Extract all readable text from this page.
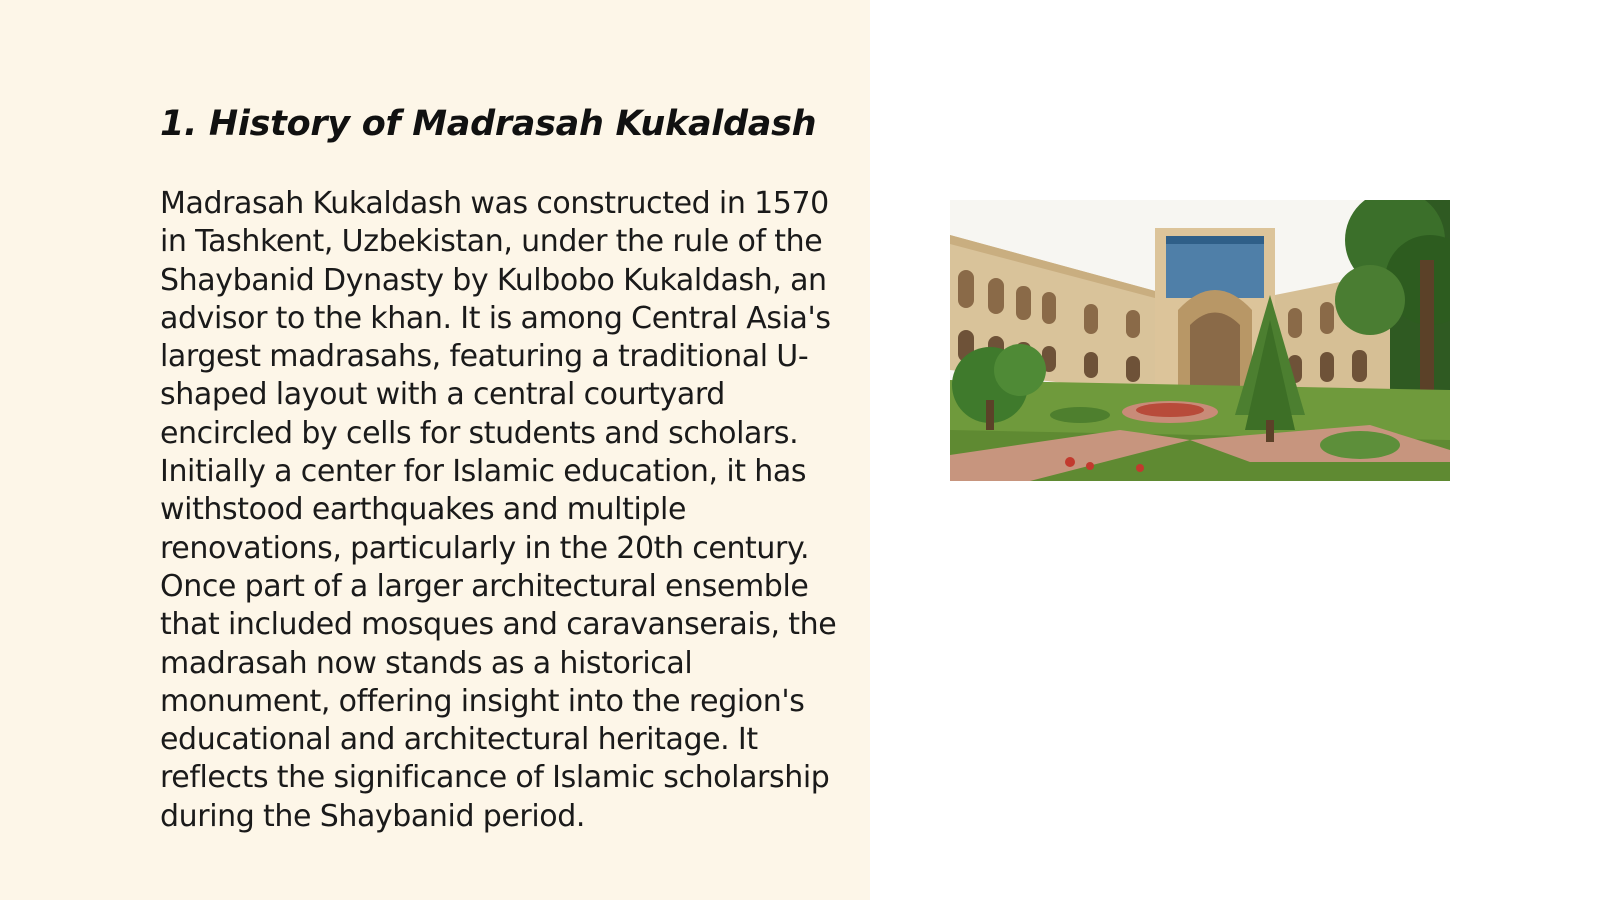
1. History of Madrasah Kukaldash

Madrasah Kukaldash was constructed in 1570 in Tashkent, Uzbekistan, under the rule of the Shaybanid Dynasty by Kulbobo Kukaldash, an advisor to the khan. It is among Central Asia's largest madrasahs, featuring a traditional U-shaped layout with a central courtyard encircled by cells for students and scholars. Initially a center for Islamic education, it has withstood earthquakes and multiple renovations, particularly in the 20th century. Once part of a larger architectural ensemble that included mosques and caravanserais, the madrasah now stands as a historical monument, offering insight into the region's educational and architectural heritage. It reflects the significance of Islamic scholarship during the Shaybanid period.
